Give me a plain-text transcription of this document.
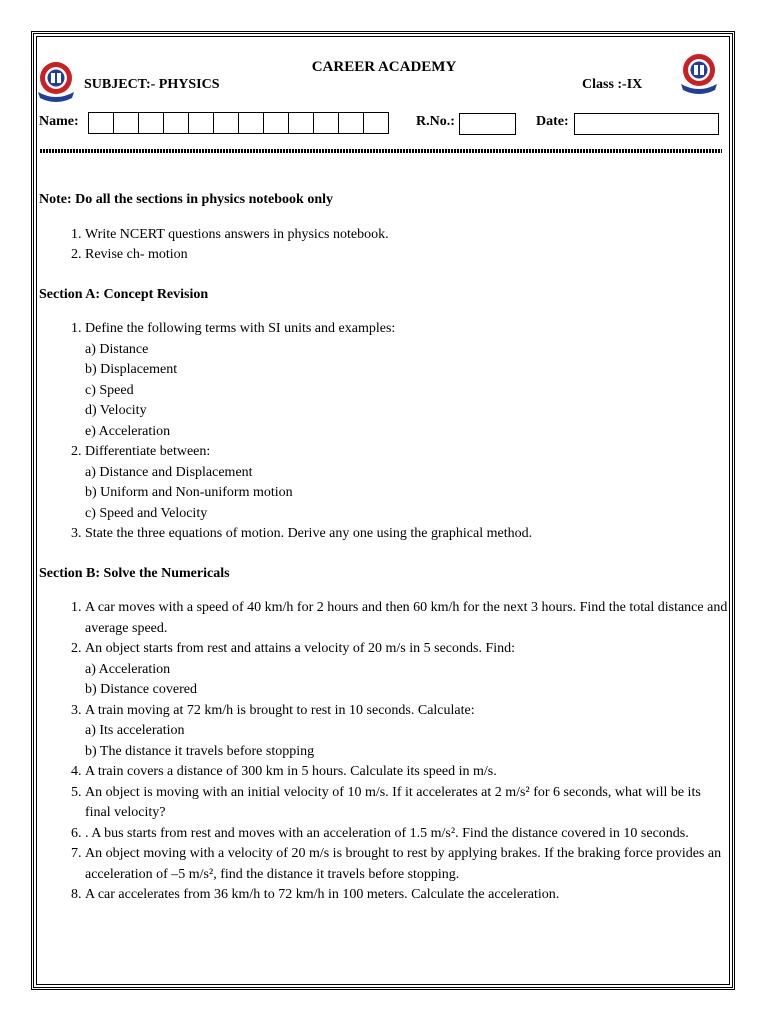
CAREER ACADEMY
SUBJECT:- PHYSICS	Class :-IX
Name:	R.No.:	Date:

Note: Do all the sections in physics notebook only

1. Write NCERT questions answers in physics notebook.
2. Revise ch- motion

Section A: Concept Revision

1. Define the following terms with SI units and examples:
a) Distance
b) Displacement
c) Speed
d) Velocity
e) Acceleration
2. Differentiate between:
a) Distance and Displacement
b) Uniform and Non-uniform motion
c) Speed and Velocity
3. State the three equations of motion. Derive any one using the graphical method.

Section B: Solve the Numericals

1. A car moves with a speed of 40 km/h for 2 hours and then 60 km/h for the next 3 hours. Find the total distance and average speed.
2. An object starts from rest and attains a velocity of 20 m/s in 5 seconds. Find:
a) Acceleration
b) Distance covered
3. A train moving at 72 km/h is brought to rest in 10 seconds. Calculate:
a) Its acceleration
b) The distance it travels before stopping
4. A train covers a distance of 300 km in 5 hours. Calculate its speed in m/s.
5. An object is moving with an initial velocity of 10 m/s. If it accelerates at 2 m/s² for 6 seconds, what will be its final velocity?
6. . A bus starts from rest and moves with an acceleration of 1.5 m/s². Find the distance covered in 10 seconds.
7. An object moving with a velocity of 20 m/s is brought to rest by applying brakes. If the braking force provides an acceleration of –5 m/s², find the distance it travels before stopping.
8. A car accelerates from 36 km/h to 72 km/h in 100 meters. Calculate the acceleration.
